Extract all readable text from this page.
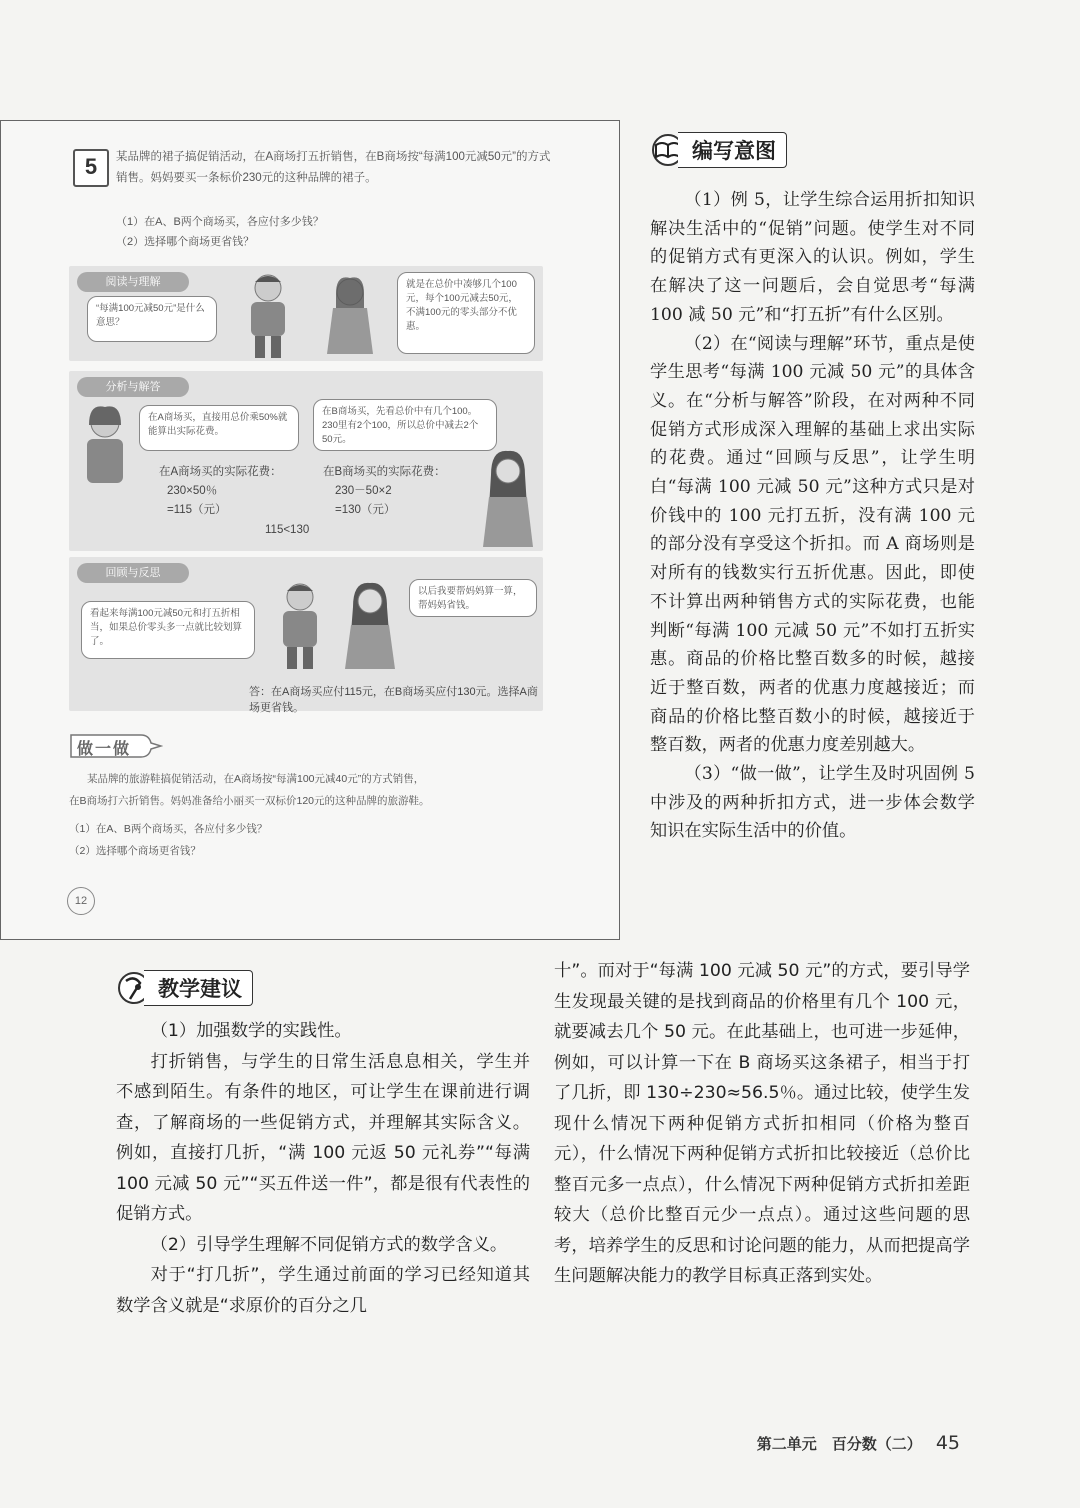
5	某品牌的裙子搞促销活动，在A商场打五折销售，在B商场按“每满100元减50元”的方式销售。妈妈要买一条标价230元的这种品牌的裙子。
（1）在A、B两个商场买，各应付多少钱？
（2）选择哪个商场更省钱？
阅读与理解
“每满100元减50元”是什么意思？
就是在总价中凑够几个100元，每个100元减去50元，不满100元的零头部分不优惠。
分析与解答
在A商场买，直接用总价乘50%就能算出实际花费。
在B商场买，先看总价中有几个100。230里有2个100，所以总价中减去2个50元。
在A商场买的实际花费：
230×50％
=115（元）
在B商场买的实际花费：
230－50×2
=130（元）
115<130
回顾与反思
看起来每满100元减50元和打五折相当，如果总价零头多一点就比较划算了。
以后我要帮妈妈算一算，帮妈妈省钱。
答：在A商场买应付115元，在B商场买应付130元。选择A商场更省钱。
做一做
某品牌的旅游鞋搞促销活动，在A商场按“每满100元减40元”的方式销售，
在B商场打六折销售。妈妈准备给小丽买一双标价120元的这种品牌的旅游鞋。
（1）在A、B两个商场买，各应付多少钱？
（2）选择哪个商场更省钱？
12
编写意图

（1）例 5，让学生综合运用折扣知识解决生活中的“促销”问题。使学生对不同的促销方式有更深入的认识。例如，学生在解决了这一问题后，会自觉思考“每满 100 减 50 元”和“打五折”有什么区别。

（2）在“阅读与理解”环节，重点是使学生思考“每满 100 元减 50 元”的具体含义。在“分析与解答”阶段，在对两种不同促销方式形成深入理解的基础上求出实际的花费。通过“回顾与反思”，让学生明白“每满 100 元减 50 元”这种方式只是对价钱中的 100 元打五折，没有满 100 元的部分没有享受这个折扣。而 A 商场则是对所有的钱数实行五折优惠。因此，即使不计算出两种销售方式的实际花费，也能判断“每满 100 元减 50 元”不如打五折实惠。商品的价格比整百数多的时候，越接近于整百数，两者的优惠力度越接近；而商品的价格比整百数小的时候，越接近于整百数，两者的优惠力度差别越大。

（3）“做一做”，让学生及时巩固例 5 中涉及的两种折扣方式，进一步体会数学知识在实际生活中的价值。

教学建议

（1）加强数学的实践性。

打折销售，与学生的日常生活息息相关，学生并不感到陌生。有条件的地区，可让学生在课前进行调查，了解商场的一些促销方式，并理解其实际含义。例如，直接打几折，“满 100 元返 50 元礼券”“每满 100 元减 50 元”“买五件送一件”，都是很有代表性的促销方式。

（2）引导学生理解不同促销方式的数学含义。

对于“打几折”，学生通过前面的学习已经知道其数学含义就是“求原价的百分之几

十”。而对于“每满 100 元减 50 元”的方式，要引导学生发现最关键的是找到商品的价格里有几个 100 元，就要减去几个 50 元。在此基础上，也可进一步延伸，例如，可以计算一下在 B 商场买这条裙子，相当于打了几折，即 130÷230≈56.5％。通过比较，使学生发现什么情况下两种促销方式折扣相同（价格为整百元），什么情况下两种促销方式折扣比较接近（总价比整百元多一点点），什么情况下两种促销方式折扣差距较大（总价比整百元少一点点）。通过这些问题的思考，培养学生的反思和讨论问题的能力，从而把提高学生问题解决能力的教学目标真正落到实处。

第二单元　百分数（二） 45
